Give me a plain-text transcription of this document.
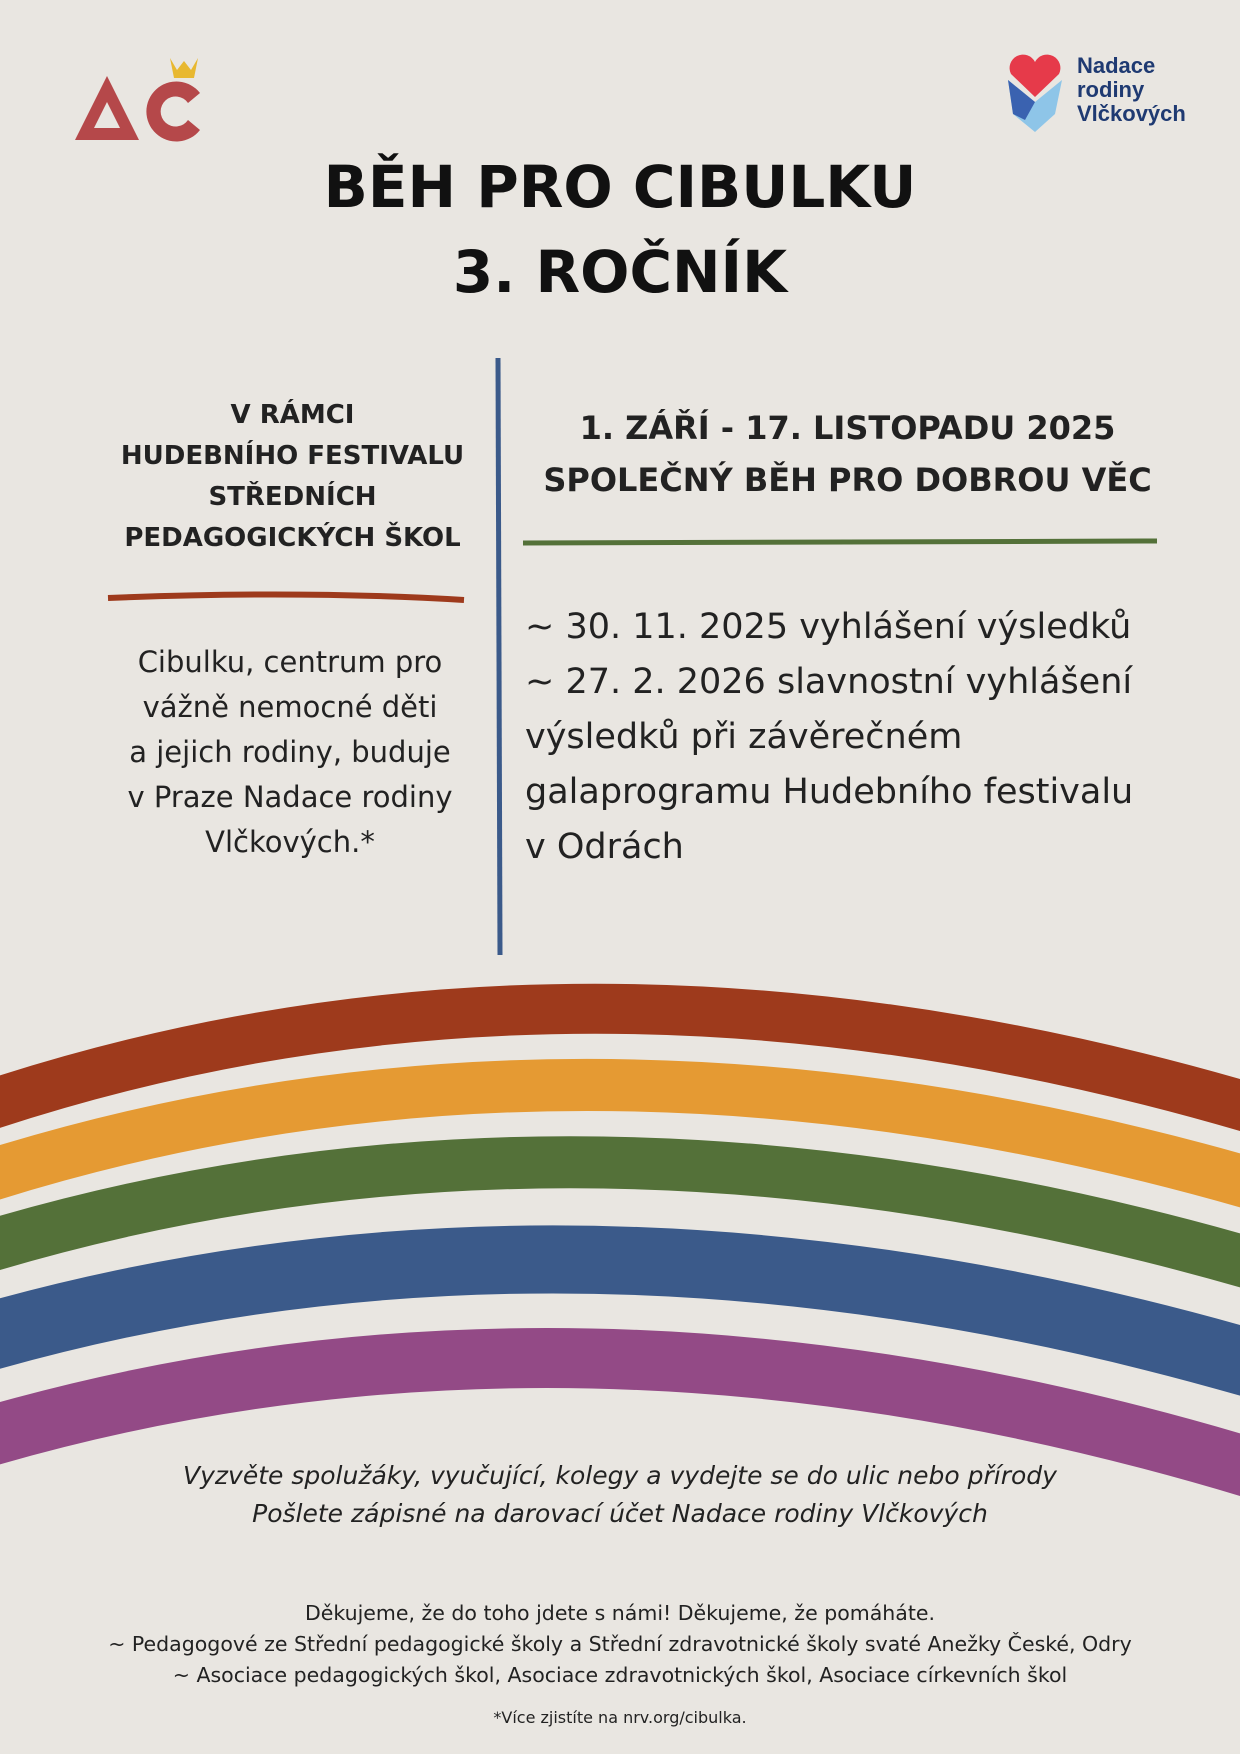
Nadace
rodiny
Vlčkových
BĚH PRO CIBULKU
3. ROČNÍK
V RÁMCI
HUDEBNÍHO FESTIVALU
STŘEDNÍCH
PEDAGOGICKÝCH ŠKOL
Cibulku, centrum pro
vážně nemocné děti
a jejich rodiny, buduje
v Praze Nadace rodiny
Vlčkových.*
1. ZÁŘÍ - 17. LISTOPADU 2025
SPOLEČNÝ BĚH PRO DOBROU VĚC
~ 30. 11. 2025 vyhlášení výsledků
~ 27. 2. 2026 slavnostní vyhlášení
výsledků při závěrečném
galaprogramu Hudebního festivalu
v Odrách
Vyzvěte spolužáky, vyučující, kolegy a vydejte se do ulic nebo přírody
Pošlete zápisné na darovací účet Nadace rodiny Vlčkových
Děkujeme, že do toho jdete s námi! Děkujeme, že pomáháte.
~ Pedagogové ze Střední pedagogické školy a Střední zdravotnické školy svaté Anežky České, Odry
~ Asociace pedagogických škol, Asociace zdravotnických škol, Asociace církevních škol
*Více zjistíte na nrv.org/cibulka.
